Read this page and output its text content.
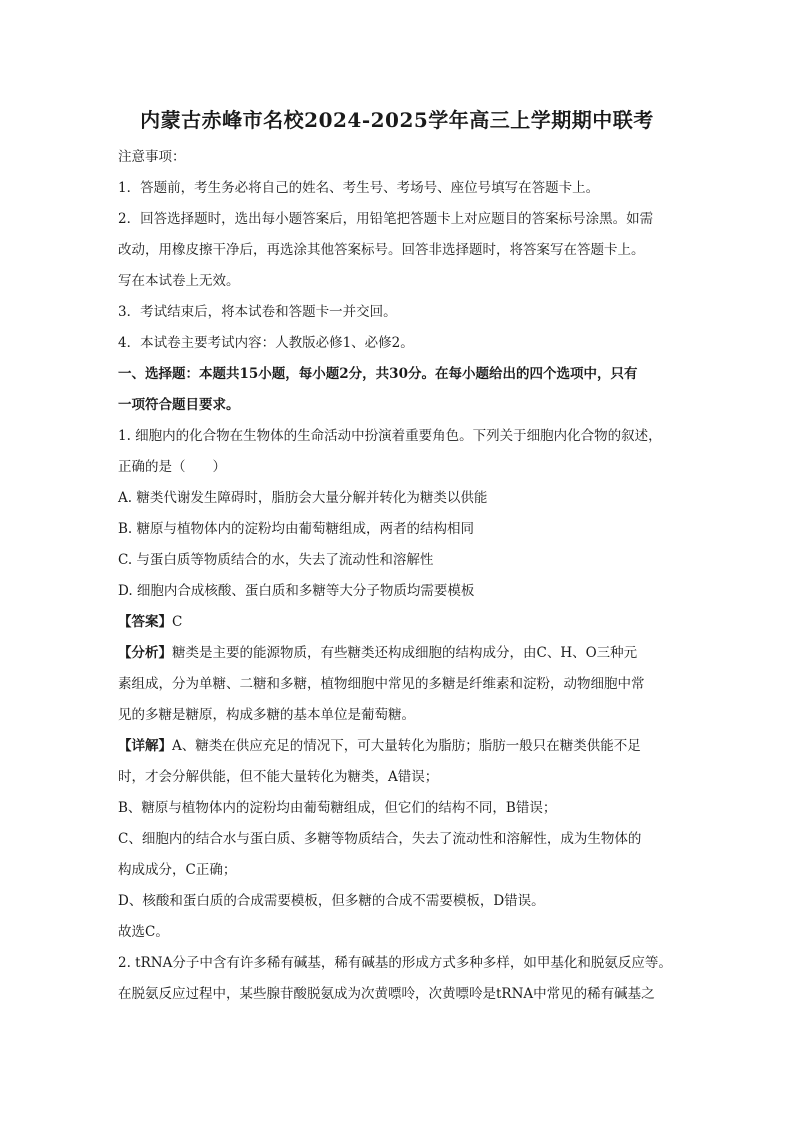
内蒙古赤峰市名校2024-2025学年高三上学期期中联考

注意事项：

1．答题前，考生务必将自己的姓名、考生号、考场号、座位号填写在答题卡上。

2．回答选择题时，选出每小题答案后，用铅笔把答题卡上对应题目的答案标号涂黑。如需

改动，用橡皮擦干净后，再选涂其他答案标号。回答非选择题时，将答案写在答题卡上。

写在本试卷上无效。

3．考试结束后，将本试卷和答题卡一并交回。

4．本试卷主要考试内容：人教版必修1、必修2。

一、选择题：本题共15小题，每小题2分，共30分。在每小题给出的四个选项中，只有

一项符合题目要求。

1. 细胞内的化合物在生物体的生命活动中扮演着重要角色。下列关于细胞内化合物的叙述，

正确的是（　　）

A. 糖类代谢发生障碍时，脂肪会大量分解并转化为糖类以供能

B. 糖原与植物体内的淀粉均由葡萄糖组成，两者的结构相同

C. 与蛋白质等物质结合的水，失去了流动性和溶解性

D. 细胞内合成核酸、蛋白质和多糖等大分子物质均需要模板

【答案】C

【分析】糖类是主要的能源物质，有些糖类还构成细胞的结构成分，由C、H、O三种元

素组成，分为单糖、二糖和多糖，植物细胞中常见的多糖是纤维素和淀粉，动物细胞中常

见的多糖是糖原，构成多糖的基本单位是葡萄糖。

【详解】A、糖类在供应充足的情况下，可大量转化为脂肪；脂肪一般只在糖类供能不足

时，才会分解供能，但不能大量转化为糖类，A错误；

B、糖原与植物体内的淀粉均由葡萄糖组成，但它们的结构不同，B错误；

C、细胞内的结合水与蛋白质、多糖等物质结合，失去了流动性和溶解性，成为生物体的

构成成分，C正确；

D、核酸和蛋白质的合成需要模板，但多糖的合成不需要模板，D错误。

故选C。

2. tRNA分子中含有许多稀有碱基，稀有碱基的形成方式多种多样，如甲基化和脱氨反应等。

在脱氨反应过程中，某些腺苷酸脱氨成为次黄嘌呤，次黄嘌呤是tRNA中常见的稀有碱基之
